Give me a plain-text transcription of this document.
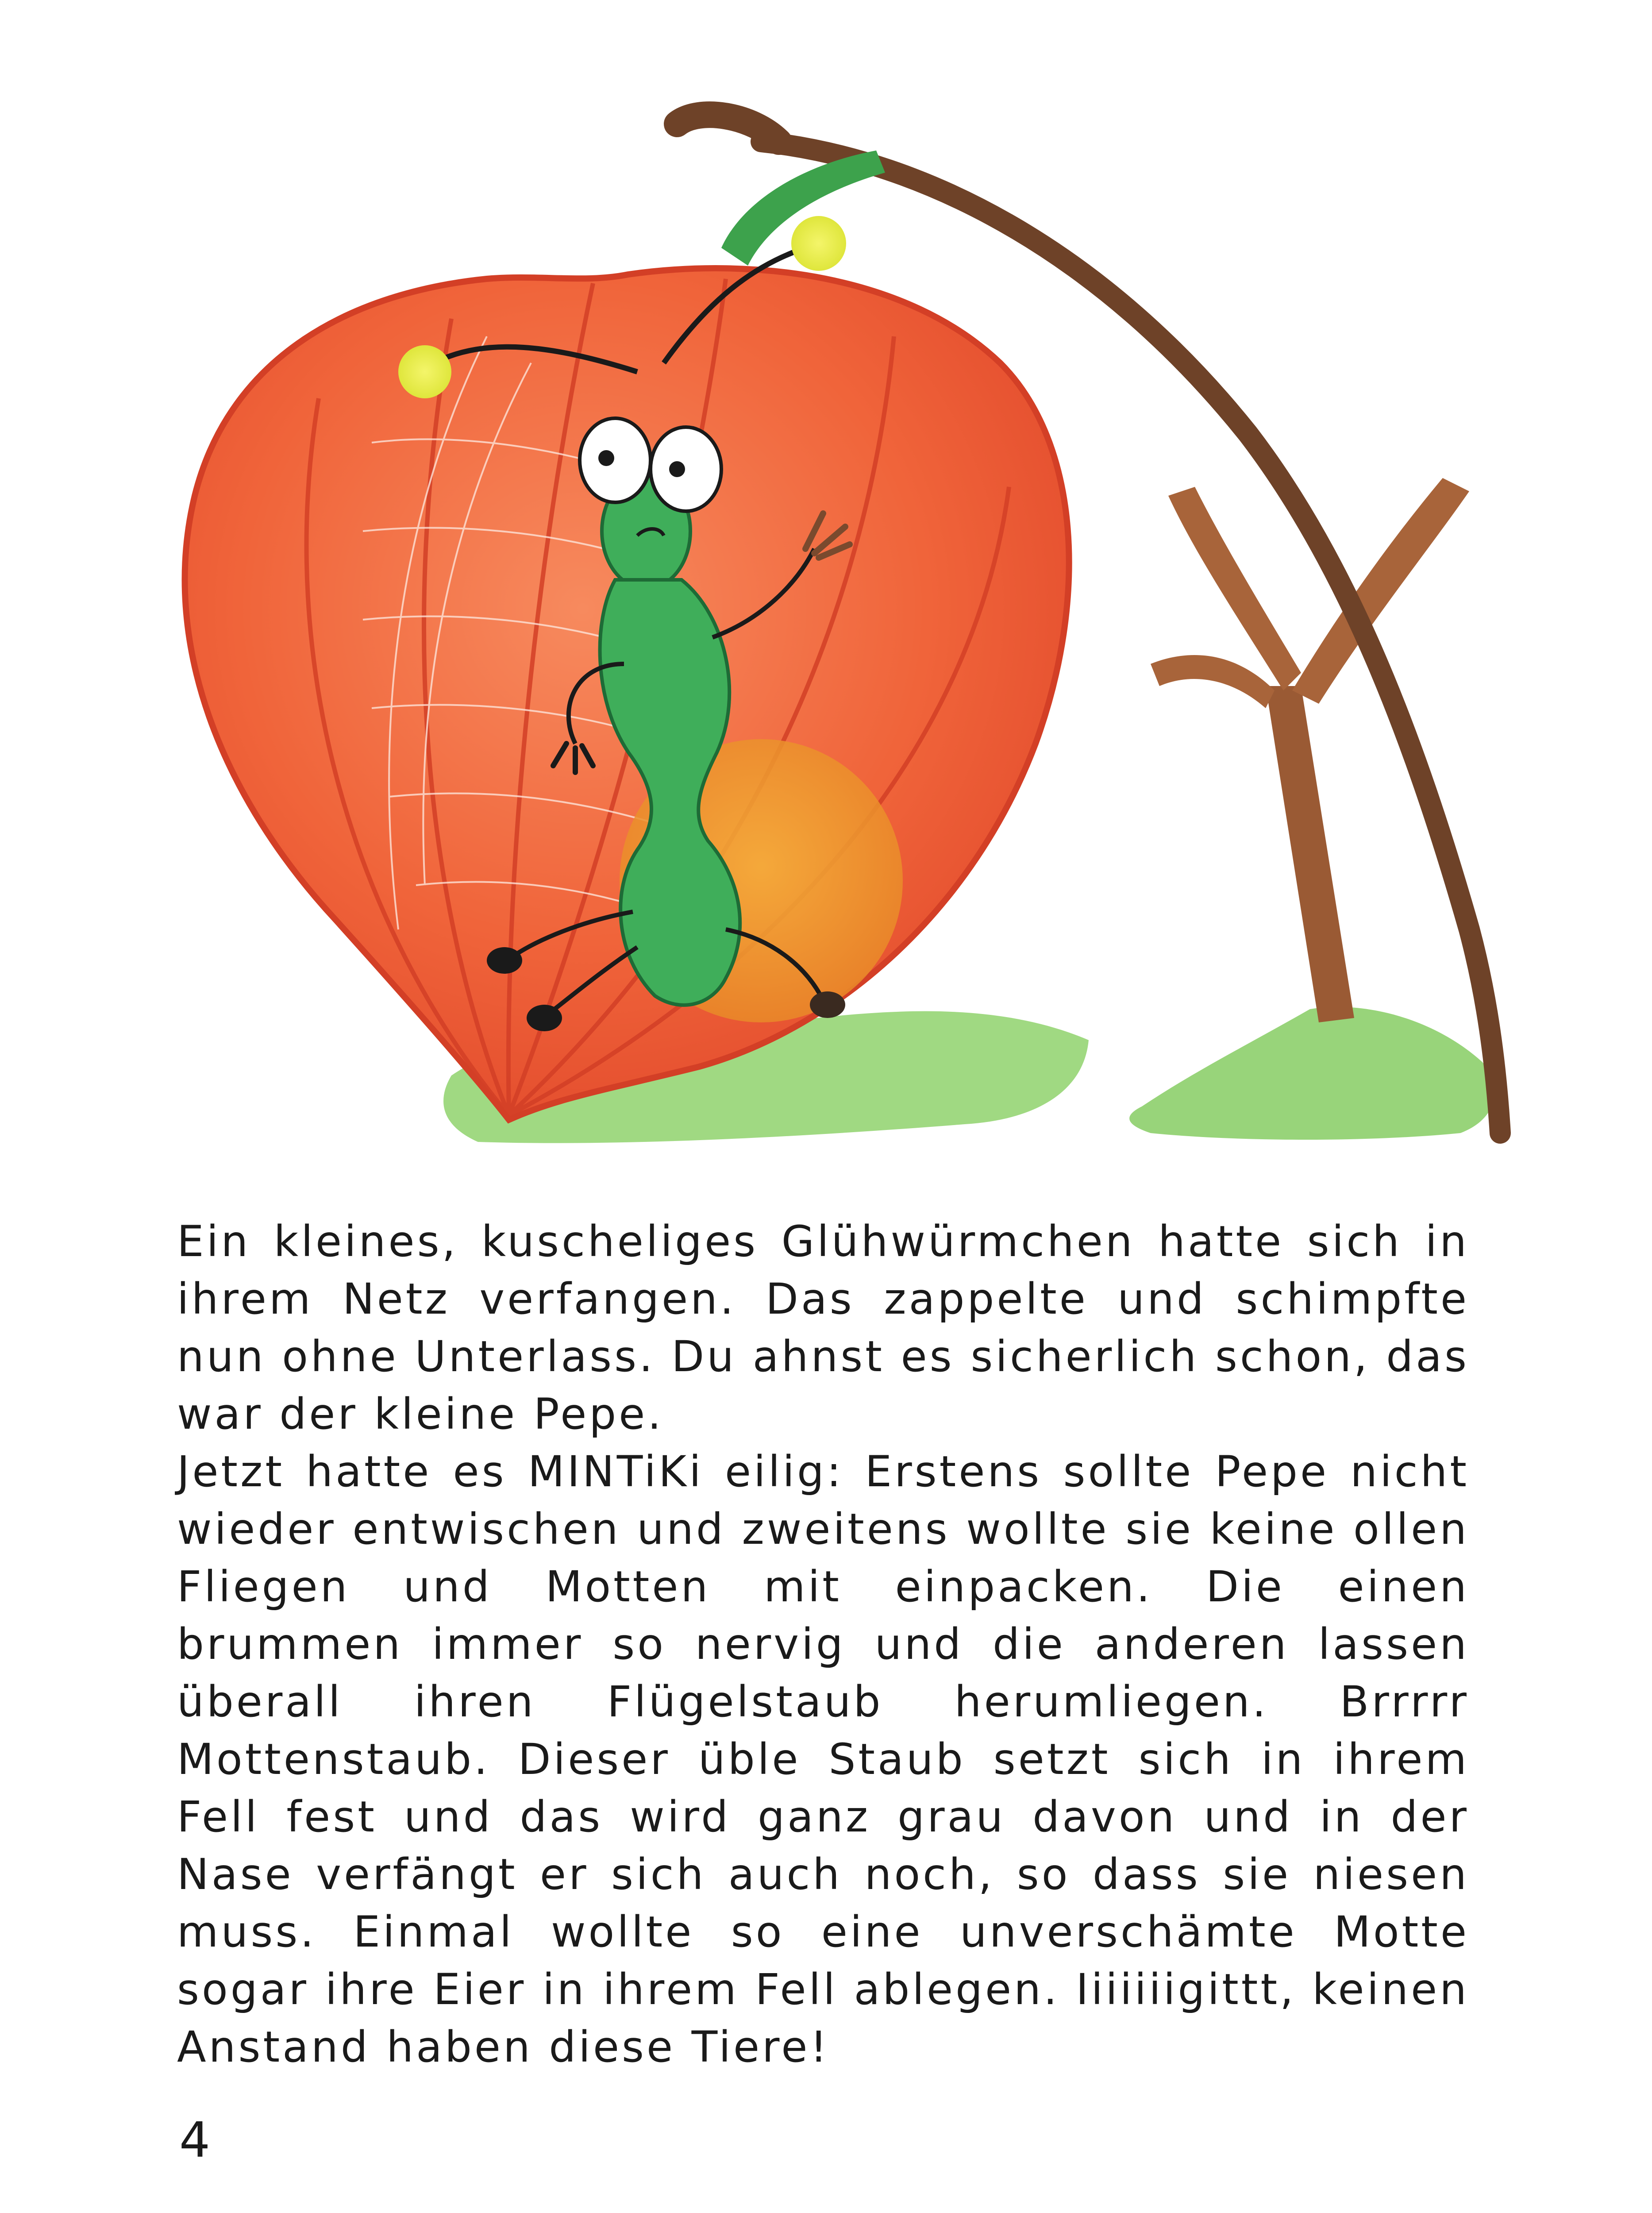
Ein kleines, kuscheliges Glühwürmchen hatte sich in ihrem Netz verfangen. Das zappelte und schimpfte nun ohne Unterlass. Du ahnst es sicherlich schon, das war der kleine Pepe.

Jetzt hatte es MINTiKi eilig: Erstens sollte Pepe nicht wieder entwischen und zweitens wollte sie keine ollen Fliegen und Motten mit einpacken. Die einen brummen immer so nervig und die anderen lassen überall ihren Flügelstaub herumliegen. Brrrrr Mottenstaub. Dieser üble Staub setzt sich in ihrem Fell fest und das wird ganz grau davon und in der Nase verfängt er sich auch noch, so dass sie niesen muss. Einmal wollte so eine unverschämte Motte sogar ihre Eier in ihrem Fell ablegen. Iiiiiiigittt, keinen Anstand haben diese Tiere!

4
